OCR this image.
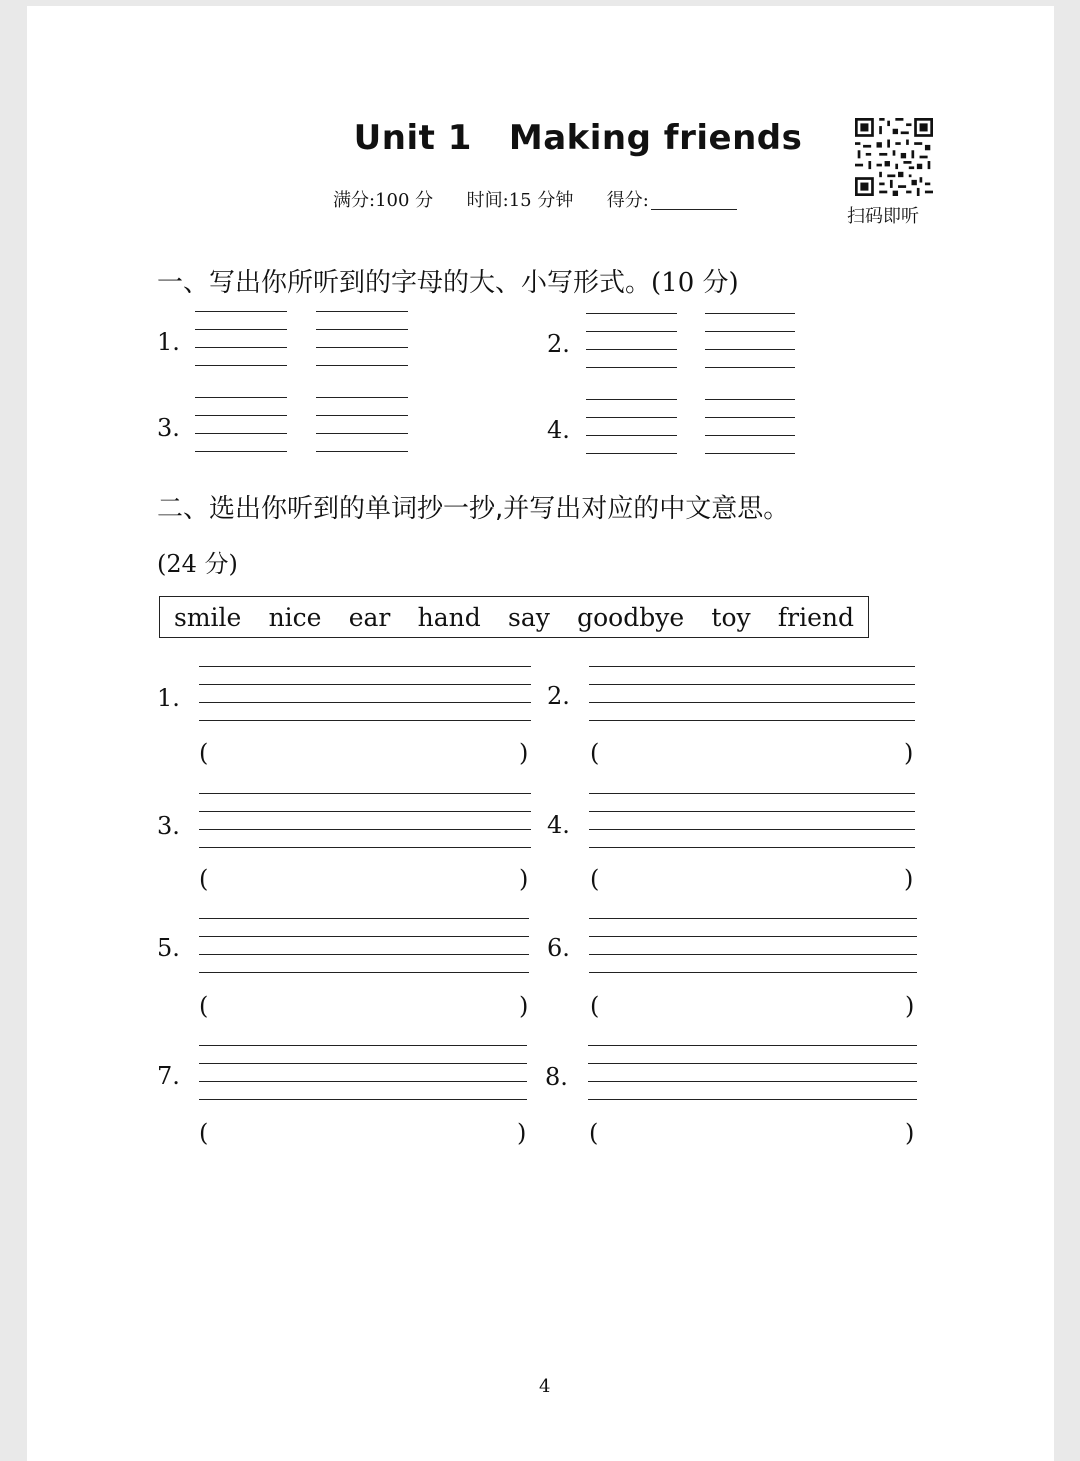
Unit 1   Making friends
满分:100 分 时间:15 分钟 得分:
扫码即听
一、写出你所听到的字母的大、小写形式。(10 分)
1.	2.
3.	4.
二、选出你听到的单词抄一抄,并写出对应的中文意思。
(24 分)
smile nice ear hand say goodbye toy friend
1.
(	)
2.
(	)
3.
(	)
4.
(	)
5.
(	)
6.
(	)
7.
(	)
8.
(	)
4
